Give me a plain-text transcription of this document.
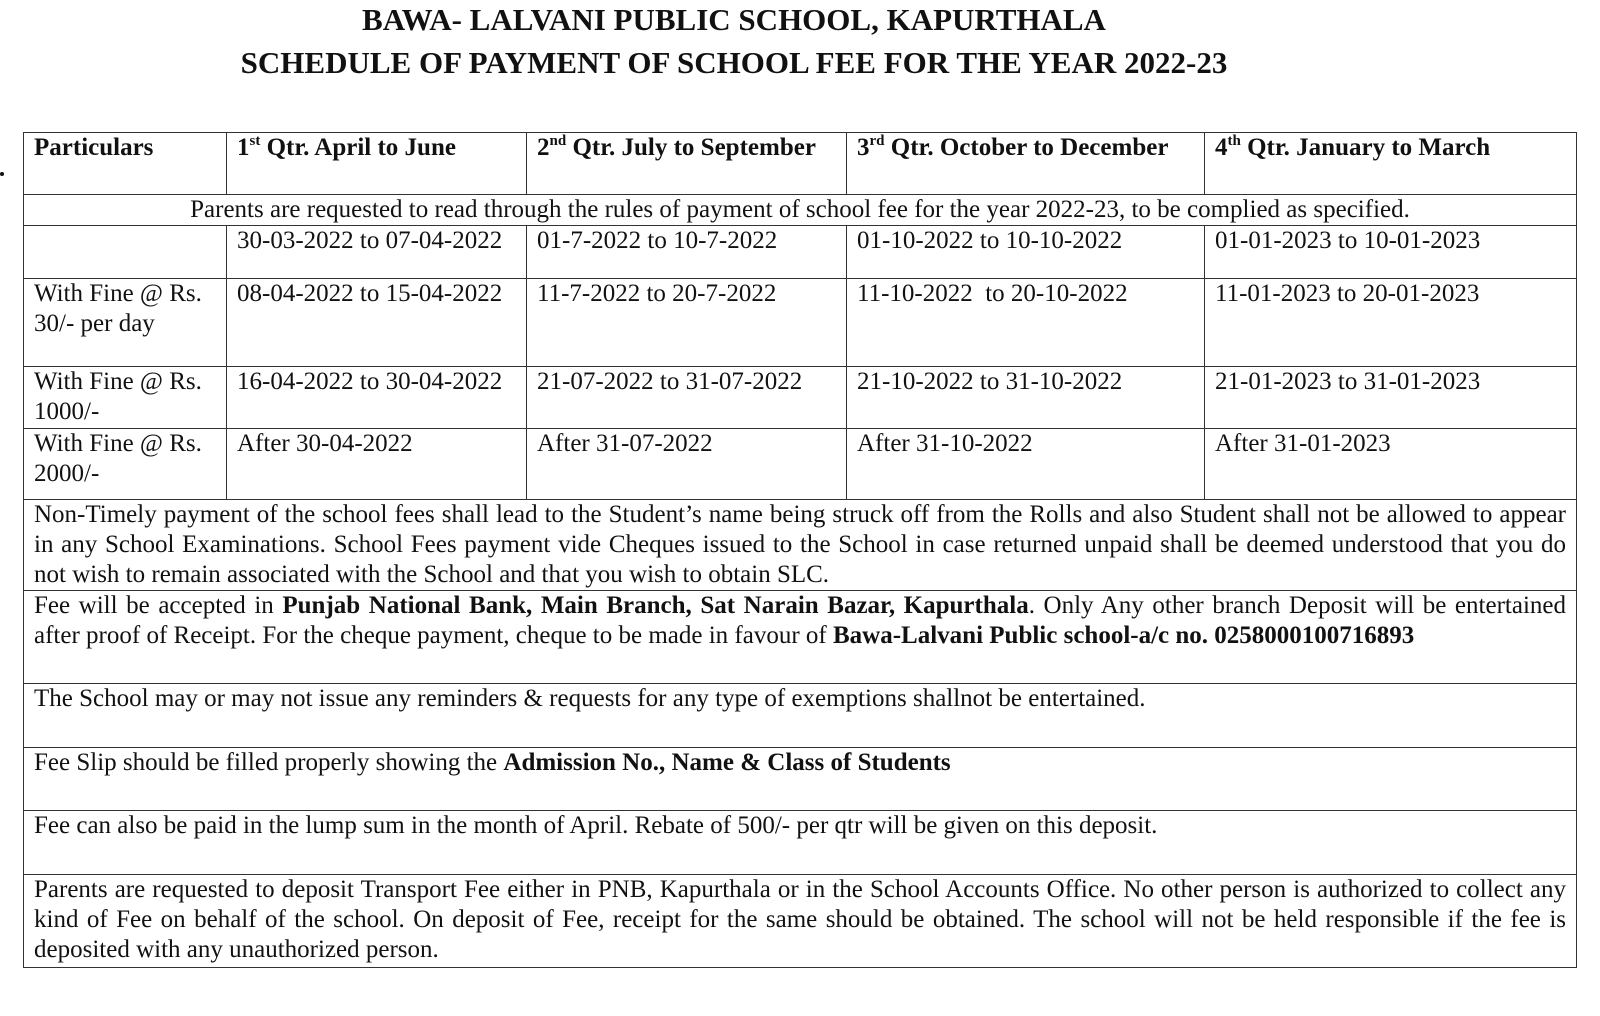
BAWA- LALVANI PUBLIC SCHOOL, KAPURTHALA
SCHEDULE OF PAYMENT OF SCHOOL FEE FOR THE YEAR 2022-23
Particulars	1st Qtr. April to June	2nd Qtr. July to September	3rd Qtr. October to December	4th Qtr. January to March
Parents are requested to read through the rules of payment of school fee for the year 2022-23, to be complied as specified.				
	30-03-2022 to 07-04-2022	01-7-2022 to 10-7-2022	01-10-2022 to 10-10-2022	01-01-2023 to 10-01-2023
With Fine @ Rs. 30/- per day	08-04-2022 to 15-04-2022	11-7-2022 to 20-7-2022	11-10-2022  to 20-10-2022	11-01-2023 to 20-01-2023
With Fine @ Rs. 1000/-	16-04-2022 to 30-04-2022	21-07-2022 to 31-07-2022	21-10-2022 to 31-10-2022	21-01-2023 to 31-01-2023
With Fine @ Rs. 2000/-	After 30-04-2022	After 31-07-2022	After 31-10-2022	After 31-01-2023
Non-Timely payment of the school fees shall lead to the Student’s name being struck off from the Rolls and also Student shall not be allowed to appear in any School Examinations. School Fees payment vide Cheques issued to the School in case returned unpaid shall be deemed understood that you do not wish to remain associated with the School and that you wish to obtain SLC.				
Fee will be accepted in Punjab National Bank, Main Branch, Sat Narain Bazar, Kapurthala. Only Any other branch Deposit will be entertained after proof of Receipt. For the cheque payment, cheque to be made in favour of Bawa-Lalvani Public school-a/c no. 0258000100716893				
The School may or may not issue any reminders & requests for any type of exemptions shallnot be entertained.				
Fee Slip should be filled properly showing the Admission No., Name & Class of Students				
Fee can also be paid in the lump sum in the month of April. Rebate of 500/- per qtr will be given on this deposit.				
Parents are requested to deposit Transport Fee either in PNB, Kapurthala or in the School Accounts Office. No other person is authorized to collect any kind of Fee on behalf of the school. On deposit of Fee, receipt for the same should be obtained. The school will not be held responsible if the fee is deposited with any unauthorized person.				
